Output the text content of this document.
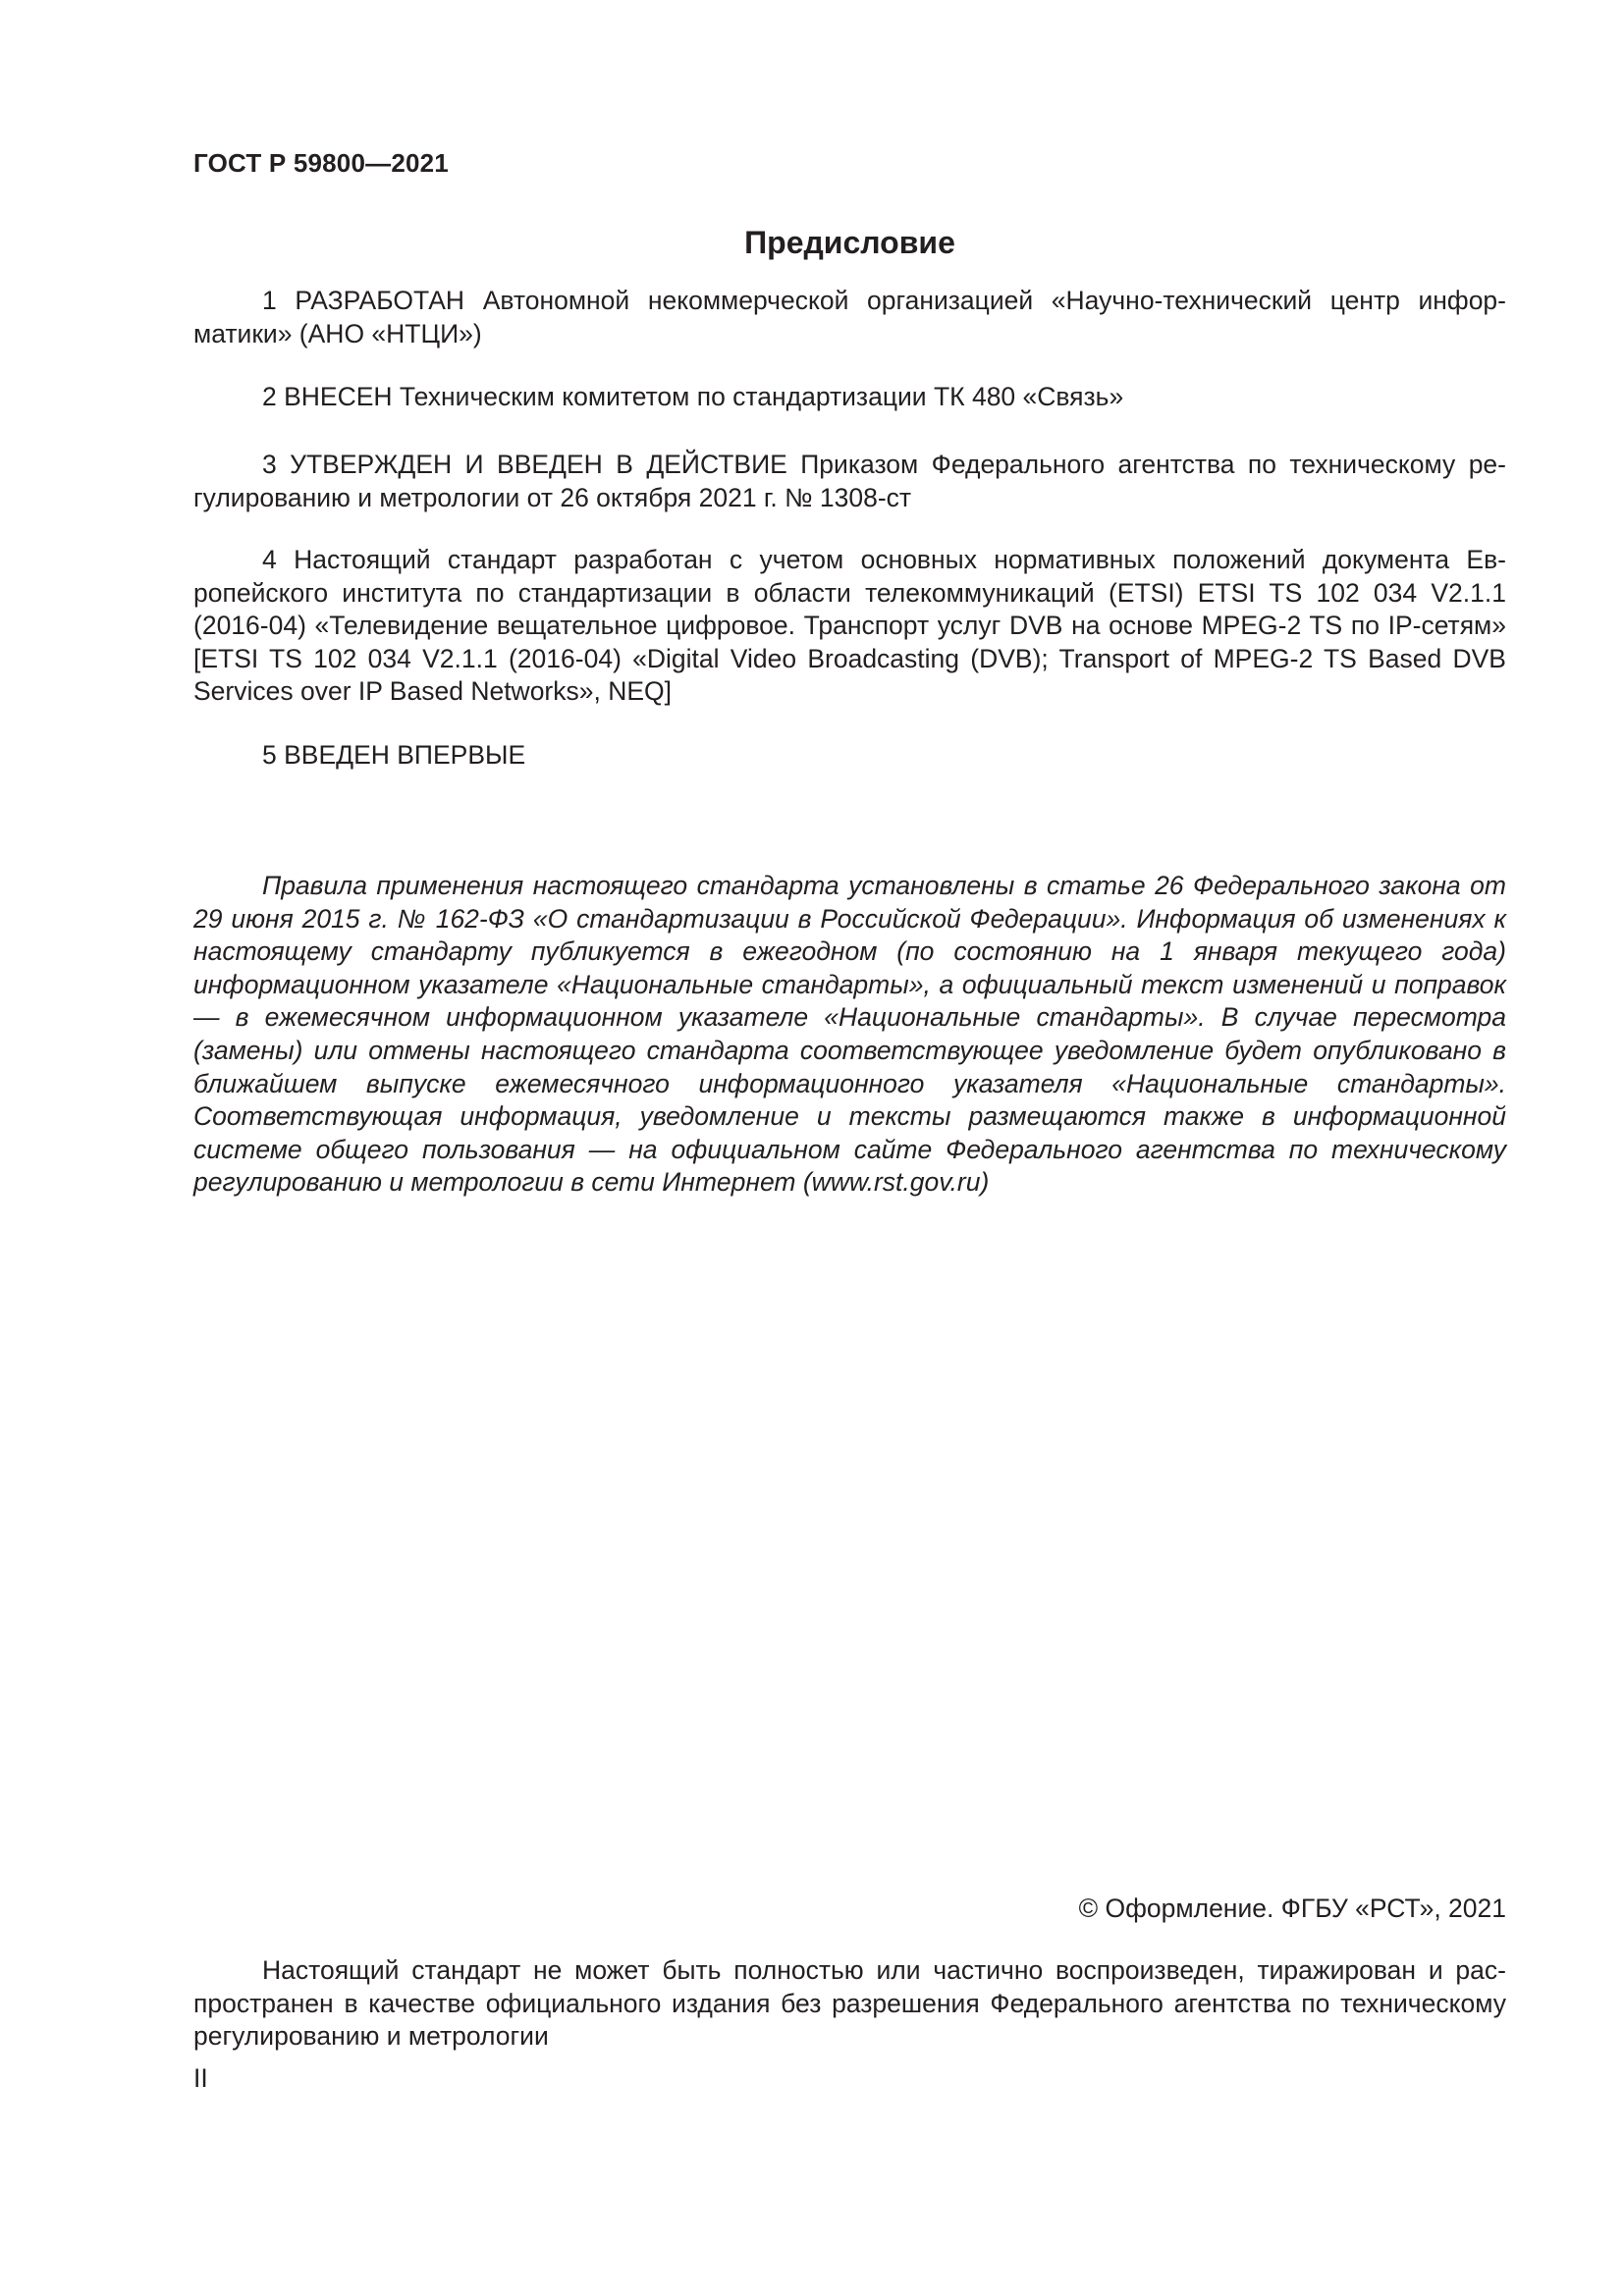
ГОСТ Р 59800—2021
Предисловие

1 РАЗРАБОТАН Автономной некоммерческой организацией «Научно-технический центр информатики» (АНО «НТЦИ»)

2 ВНЕСЕН Техническим комитетом по стандартизации ТК 480 «Связь»

3 УТВЕРЖДЕН И ВВЕДЕН В ДЕЙСТВИЕ Приказом Федерального агентства по техническому регулированию и метрологии от 26 октября 2021 г. № 1308-ст

4 Настоящий стандарт разработан с учетом основных нормативных положений документа Европейского института по стандартизации в области телекоммуникаций (ETSI) ETSI TS 102 034 V2.1.1 (2016-04) «Телевидение вещательное цифровое. Транспорт услуг DVB на основе MPEG-2 TS по IP-сетям» [ETSI TS 102 034 V2.1.1 (2016-04) «Digital Video Broadcasting (DVB); Transport of MPEG-2 TS Based DVB Services over IP Based Networks», NEQ]

5 ВВЕДЕН ВПЕРВЫЕ

Правила применения настоящего стандарта установлены в статье 26 Федерального закона от 29 июня 2015 г. № 162-ФЗ «О стандартизации в Российской Федерации». Информация об изменениях к настоящему стандарту публикуется в ежегодном (по состоянию на 1 января текущего года) информационном указателе «Национальные стандарты», а официальный текст изменений и поправок — в ежемесячном информационном указателе «Национальные стандарты». В случае пересмотра (замены) или отмены настоящего стандарта соответствующее уведомление будет опубликовано в ближайшем выпуске ежемесячного информационного указателя «Национальные стандарты». Соответствующая информация, уведомление и тексты размещаются также в информационной системе общего пользования — на официальном сайте Федерального агентства по техническому регулированию и метрологии в сети Интернет (www.rst.gov.ru)

© Оформление. ФГБУ «РСТ», 2021

Настоящий стандарт не может быть полностью или частично воспроизведен, тиражирован и распространен в качестве официального издания без разрешения Федерального агентства по техническому регулированию и метрологии

II
